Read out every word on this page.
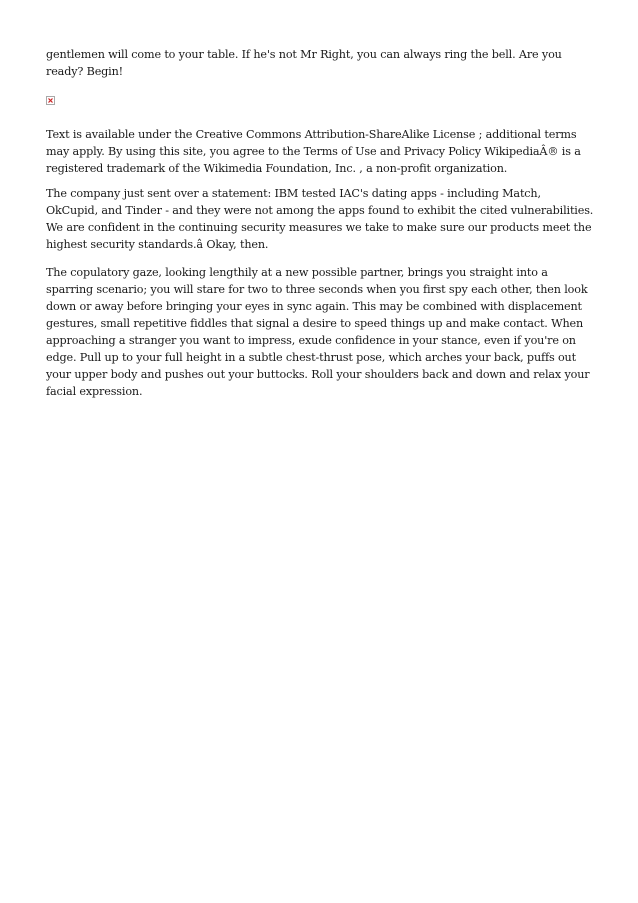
gentlemen will come to your table. If he's not Mr Right, you can always ring the bell. Are you ready? Begin!

Text is available under the Creative Commons Attribution-ShareAlike License ; additional terms may apply. By using this site, you agree to the Terms of Use and Privacy Policy WikipediaÂ® is a registered trademark of the Wikimedia Foundation, Inc. , a non-profit organization.

The company just sent over a statement: IBM tested IAC's dating apps - including Match, OkCupid, and Tinder - and they were not among the apps found to exhibit the cited vulnerabilities. We are confident in the continuing security measures we take to make sure our products meet the highest security standards.â Okay, then.

The copulatory gaze, looking lengthily at a new possible partner, brings you straight into a sparring scenario; you will stare for two to three seconds when you first spy each other, then look down or away before bringing your eyes in sync again. This may be combined with displacement gestures, small repetitive fiddles that signal a desire to speed things up and make contact. When approaching a stranger you want to impress, exude confidence in your stance, even if you're on edge. Pull up to your full height in a subtle chest-thrust pose, which arches your back, puffs out your upper body and pushes out your buttocks. Roll your shoulders back and down and relax your facial expression.
